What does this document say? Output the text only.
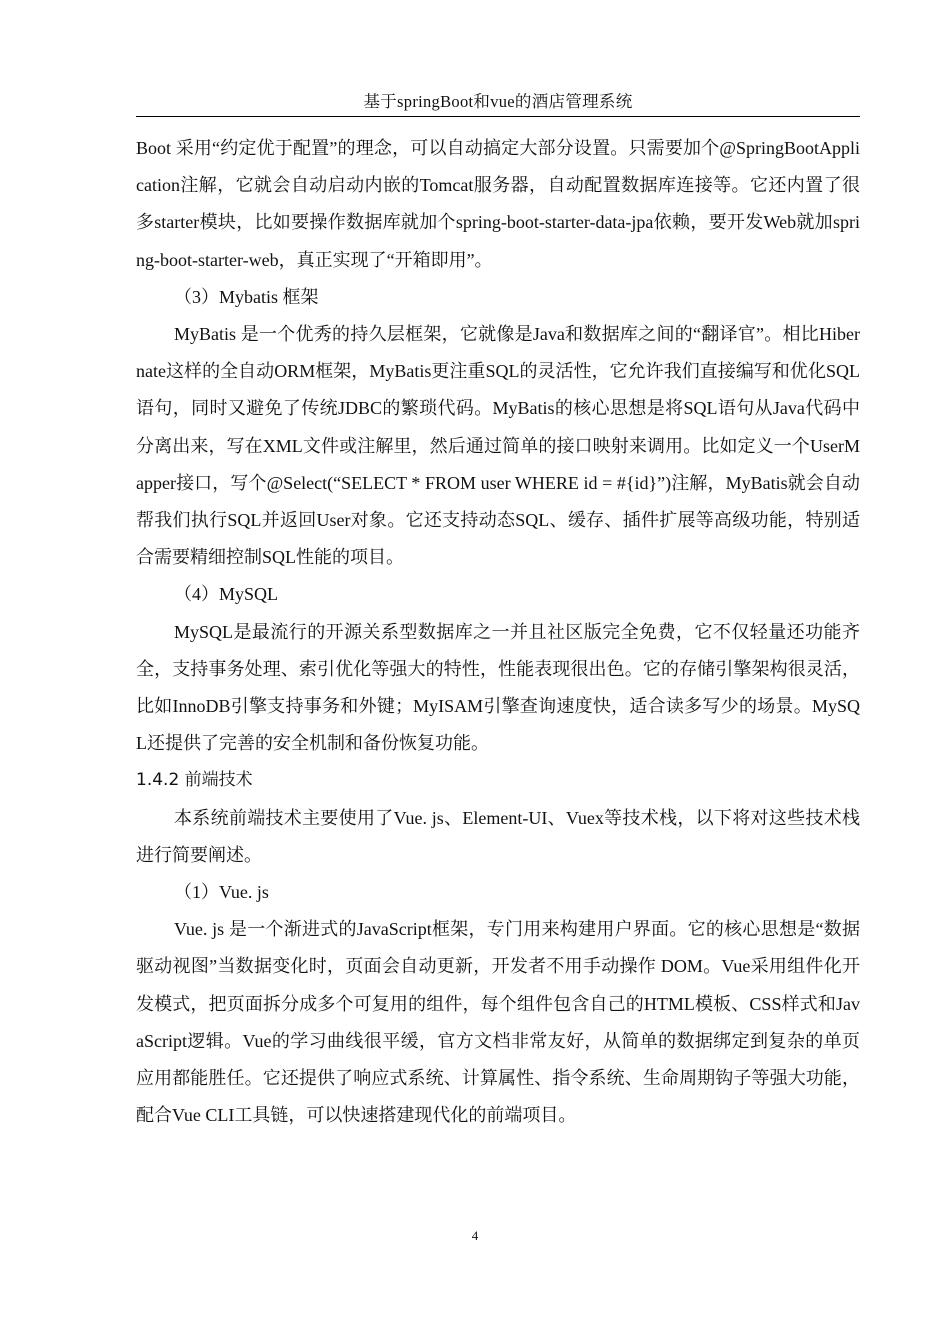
基于springBoot和vue的酒店管理系统

Boot 采用“约定优于配置”的理念，可以自动搞定大部分设置。只需要加个@SpringBootApplication注解，它就会自动启动内嵌的Tomcat服务器，自动配置数据库连接等。它还内置了很多starter模块，比如要操作数据库就加个spring-boot-starter-data-jpa依赖，要开发Web就加spring-boot-starter-web，真正实现了“开箱即用”。

（3）Mybatis 框架

MyBatis 是一个优秀的持久层框架，它就像是Java和数据库之间的“翻译官”。相比Hibernate这样的全自动ORM框架，MyBatis更注重SQL的灵活性，它允许我们直接编写和优化SQL语句，同时又避免了传统JDBC的繁琐代码。MyBatis的核心思想是将SQL语句从Java代码中分离出来，写在XML文件或注解里，然后通过简单的接口映射来调用。比如定义一个UserMapper接口，写个@Select(“SELECT * FROM user WHERE id = #{id}”)注解，MyBatis就会自动帮我们执行SQL并返回User对象。它还支持动态SQL、缓存、插件扩展等高级功能，特别适合需要精细控制SQL性能的项目。

（4）MySQL

MySQL是最流行的开源关系型数据库之一并且社区版完全免费，它不仅轻量还功能齐全，支持事务处理、索引优化等强大的特性，性能表现很出色。它的存储引擎架构很灵活，比如InnoDB引擎支持事务和外键；MyISAM引擎查询速度快，适合读多写少的场景。MySQL还提供了完善的安全机制和备份恢复功能。

1.4.2 前端技术

本系统前端技术主要使用了Vue. js、Element-UI、Vuex等技术栈，以下将对这些技术栈进行简要阐述。

（1）Vue. js

Vue. js 是一个渐进式的JavaScript框架，专门用来构建用户界面。它的核心思想是“数据驱动视图”当数据变化时，页面会自动更新，开发者不用手动操作 DOM。Vue采用组件化开发模式，把页面拆分成多个可复用的组件，每个组件包含自己的HTML模板、CSS样式和JavaScript逻辑。Vue的学习曲线很平缓，官方文档非常友好，从简单的数据绑定到复杂的单页应用都能胜任。它还提供了响应式系统、计算属性、指令系统、生命周期钩子等强大功能，配合Vue CLI工具链，可以快速搭建现代化的前端项目。

4
